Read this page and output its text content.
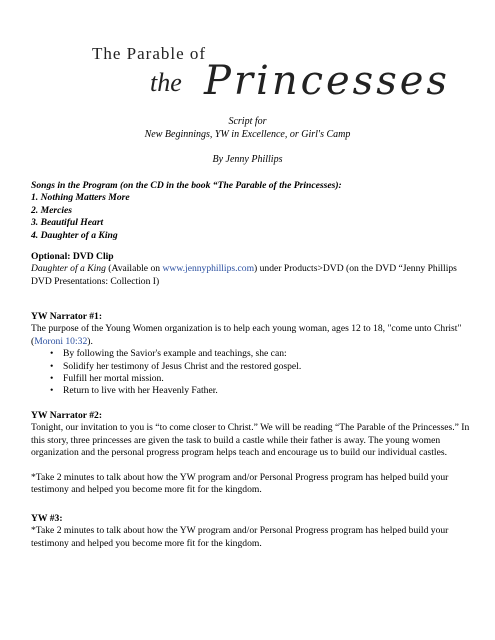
The Parable of
the Princesses
Script for
New Beginnings, YW in Excellence, or Girl's Camp
By Jenny Phillips
Songs in the Program (on the CD in the book “The Parable of the Princesses):
1. Nothing Matters More
2. Mercies
3. Beautiful Heart
4. Daughter of a King
Optional: DVD Clip
Daughter of a King (Available on www.jennyphillips.com) under Products>DVD (on the DVD “Jenny Phillips DVD Presentations: Collection I)
YW Narrator #1:
The purpose of the Young Women organization is to help each young woman, ages 12 to 18, "come unto Christ" (Moroni 10:32).
• By following the Savior's example and teachings, she can:
• Solidify her testimony of Jesus Christ and the restored gospel.
• Fulfill her mortal mission.
• Return to live with her Heavenly Father.
YW Narrator #2:
Tonight, our invitation to you is “to come closer to Christ.” We will be reading “The Parable of the Princesses.” In this story, three princesses are given the task to build a castle while their father is away. The young women organization and the personal progress program helps teach and encourage us to build our individual castles.
*Take 2 minutes to talk about how the YW program and/or Personal Progress program has helped build your testimony and helped you become more fit for the kingdom.
YW #3:
*Take 2 minutes to talk about how the YW program and/or Personal Progress program has helped build your testimony and helped you become more fit for the kingdom.
